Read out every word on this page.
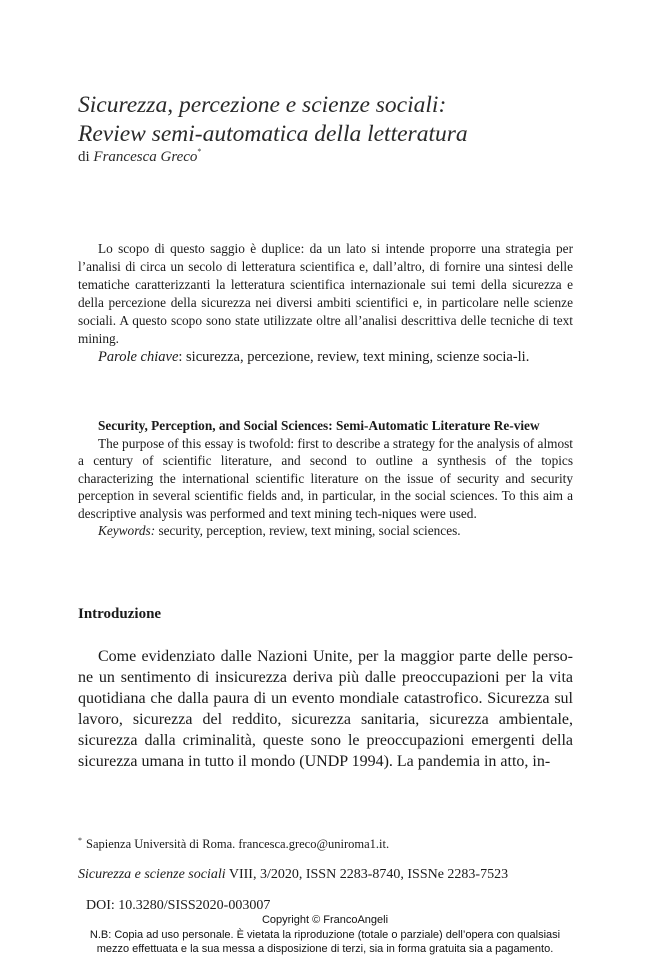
Sicurezza, percezione e scienze sociali:
Review semi-automatica della letteratura
di Francesca Greco*

Lo scopo di questo saggio è duplice: da un lato si intende proporre una strategia per l’analisi di circa un secolo di letteratura scientifica e, dall’altro, di fornire una sintesi delle tematiche caratterizzanti la letteratura scientifica internazionale sui temi della sicurezza e della percezione della sicurezza nei diversi ambiti scientifici e, in particolare nelle scienze sociali. A questo scopo sono state utilizzate oltre all’analisi descrittiva delle tecniche di text mining.

Parole chiave: sicurezza, percezione, review, text mining, scienze socia-li.

Security, Perception, and Social Sciences: Semi-Automatic Literature Re-view

The purpose of this essay is twofold: first to describe a strategy for the analysis of almost a century of scientific literature, and second to outline a synthesis of the topics characterizing the international scientific literature on the issue of security and security perception in several scientific fields and, in particular, in the social sciences. To this aim a descriptive analysis was performed and text mining tech-niques were used.

Keywords: security, perception, review, text mining, social sciences.

Introduzione

Come evidenziato dalle Nazioni Unite, per la maggior parte delle perso-ne un sentimento di insicurezza deriva più dalle preoccupazioni per la vita quotidiana che dalla paura di un evento mondiale catastrofico. Sicurezza sul lavoro, sicurezza del reddito, sicurezza sanitaria, sicurezza ambientale, sicurezza dalla criminalità, queste sono le preoccupazioni emergenti della sicurezza umana in tutto il mondo (UNDP 1994). La pandemia in atto, in-

* Sapienza Università di Roma. francesca.greco@uniroma1.it.
Sicurezza e scienze sociali VIII, 3/2020, ISSN 2283-8740, ISSNe 2283-7523
DOI: 10.3280/SISS2020-003007
Copyright © FrancoAngeli
N.B: Copia ad uso personale. È vietata la riproduzione (totale o parziale) dell’opera con qualsiasi
mezzo effettuata e la sua messa a disposizione di terzi, sia in forma gratuita sia a pagamento.
